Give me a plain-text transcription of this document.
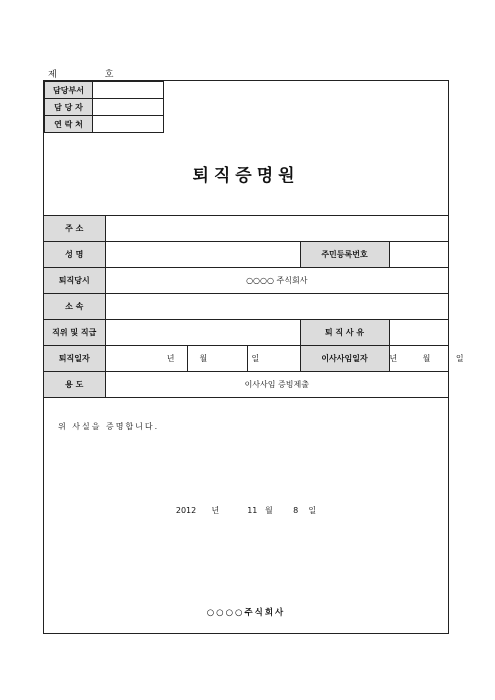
제	호
담당부서	
담 당 자	
연 락 처	
퇴직증명원
주 소					
성 명				주민등록번호	
퇴직당시	○○○○ 주식회사				
소 속					
직위 및 직급				퇴 직 사 유	
퇴직일자	년	월	일	이사사임일자	년 월 일
용 도	이사사임 증빙제출				
위 사실을 증명합니다.
2012 년	11 월	8 일
○○○○주식회사
